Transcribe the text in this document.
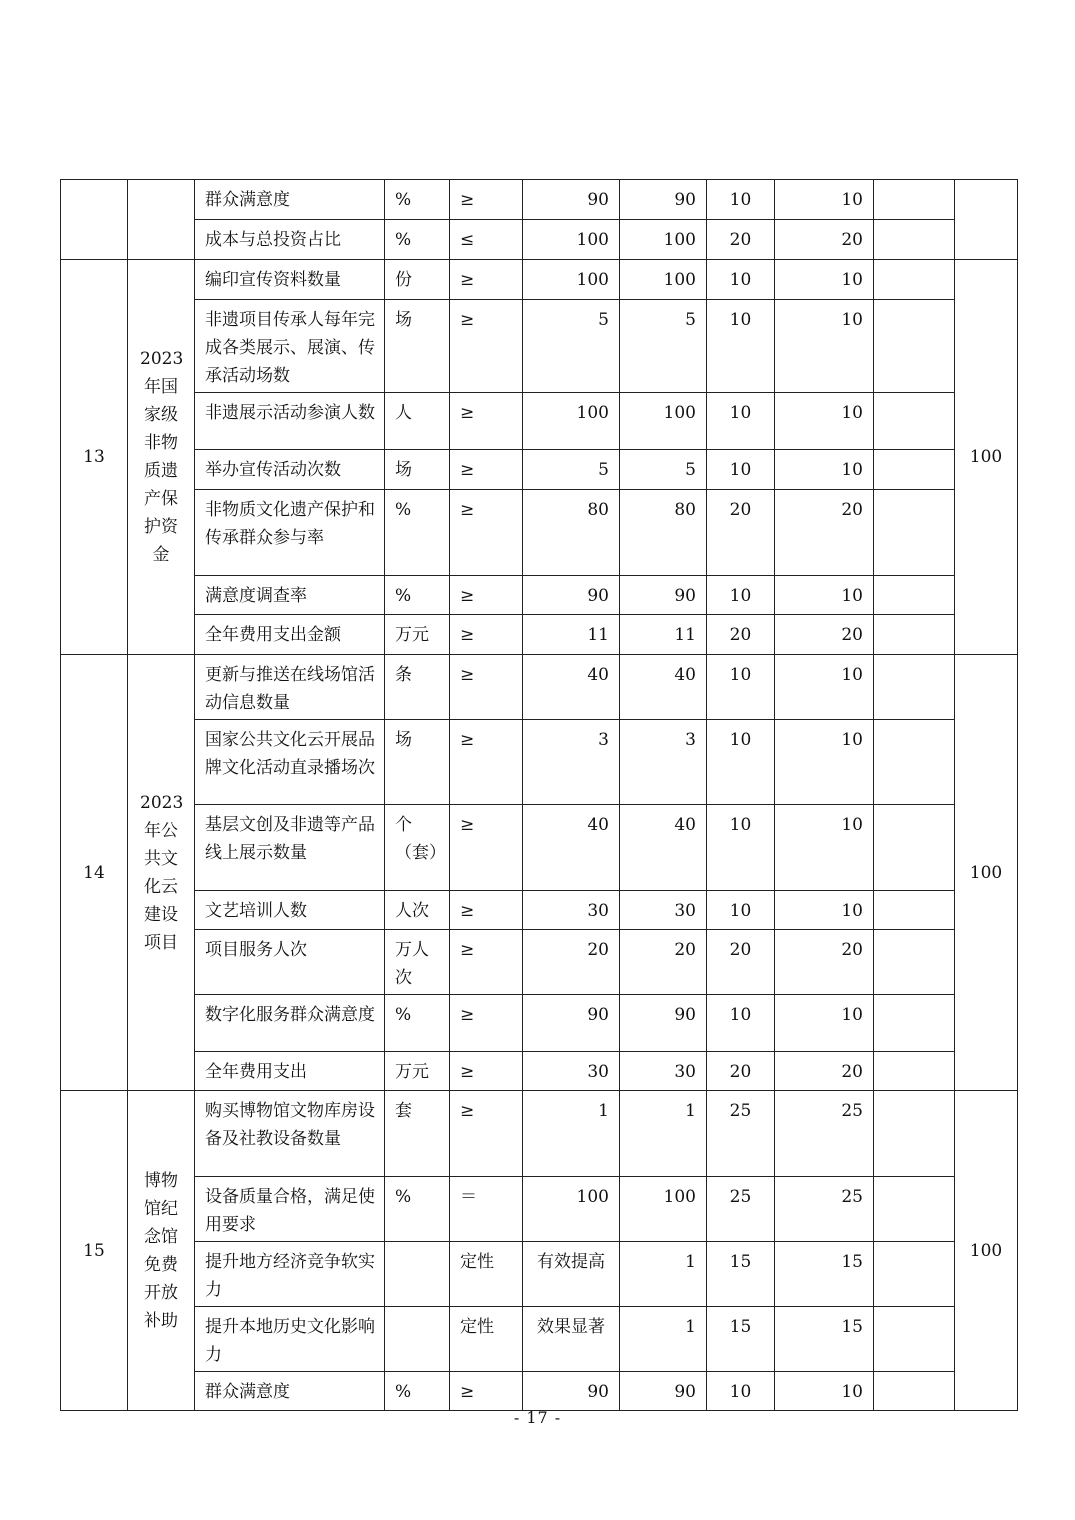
		群众满意度	%	≥	90	90	10	10		
		成本与总投资占比	%	≤	100	100	20	20		
13	2023年国家级非物质遗产保护资金	编印宣传资料数量	份	≥	100	100	10	10		100
		非遗项目传承人每年完成各类展示、展演、传承活动场数	场	≥	5	5	10	10		
		非遗展示活动参演人数	人	≥	100	100	10	10		
		举办宣传活动次数	场	≥	5	5	10	10		
		非物质文化遗产保护和传承群众参与率	%	≥	80	80	20	20		
		满意度调查率	%	≥	90	90	10	10		
		全年费用支出金额	万元	≥	11	11	20	20		
14	2023年公共文化云建设项目	更新与推送在线场馆活动信息数量	条	≥	40	40	10	10		100
		国家公共文化云开展品牌文化活动直录播场次	场	≥	3	3	10	10		
		基层文创及非遗等产品线上展示数量	个（套）	≥	40	40	10	10		
		文艺培训人数	人次	≥	30	30	10	10		
		项目服务人次	万人次	≥	20	20	20	20		
		数字化服务群众满意度	%	≥	90	90	10	10		
		全年费用支出	万元	≥	30	30	20	20		
15	博物馆纪念馆免费开放补助	购买博物馆文物库房设备及社教设备数量	套	≥	1	1	25	25		100
		设备质量合格，满足使用要求	%	＝	100	100	25	25		
		提升地方经济竞争软实力		定性	有效提高	1	15	15		
		提升本地历史文化影响力		定性	效果显著	1	15	15		
		群众满意度	%	≥	90	90	10	10		
- 17 -
